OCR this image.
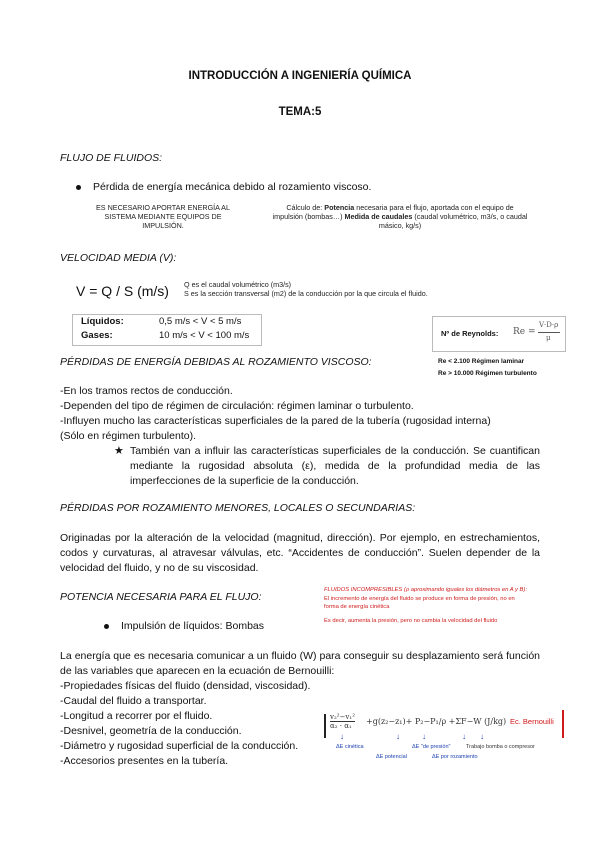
INTRODUCCIÓN A INGENIERÍA QUÍMICA
TEMA:5
FLUJO DE FLUIDOS:
Pérdida de energía mecánica debido al rozamiento viscoso.
ES NECESARIO APORTAR ENERGÍA AL
SISTEMA MEDIANTE EQUIPOS DE
IMPULSIÓN.
Cálculo de: Potencia necesaria para el flujo, aportada con el equipo de
impulsión (bombas…) Medida de caudales (caudal volumétrico, m3/s, o caudal
másico, kg/s)
VELOCIDAD MEDIA (V):
V = Q / S (m/s) Q es el caudal volumétrico (m3/s)
S es la sección transversal (m2) de la conducción por la que circula el fluido.
Líquidos:	0,5 m/s < V < 5 m/s
Gases:	10 m/s < V < 100 m/s	Nº de Reynolds: Re =
V·D·ρ
μ
Re < 2.100 Régimen laminar
Re > 10.000 Régimen turbulento
PÉRDIDAS DE ENERGÍA DEBIDAS AL ROZAMIENTO VISCOSO:
-En los tramos rectos de conducción.
-Dependen del tipo de régimen de circulación: régimen laminar o turbulento.
-Influyen mucho las características superficiales de la pared de la tubería (rugosidad interna)
(Sólo en régimen turbulento).
★ También van a influir las características superficiales de la conducción. Se cuantifican mediante la rugosidad absoluta (ε), medida de la profundidad media de las imperfecciones de la superficie de la conducción.
PÉRDIDAS POR ROZAMIENTO MENORES, LOCALES O SECUNDARIAS:
Originadas por la alteración de la velocidad (magnitud, dirección). Por ejemplo, en estrechamientos, codos y curvaturas, al atravesar válvulas, etc. “Accidentes de conducción”. Suelen depender de la velocidad del fluido, y no de su viscosidad.
POTENCIA NECESARIA PARA EL FLUJO:
FLUIDOS INCOMPRESIBLES (ρ aproximando iguales los diámetros en A y B):
El incremento de energía del fluido se produce en forma de presión, no en
forma de energía cinética
Es decir, aumenta la presión, pero no cambia la velocidad del fluido
Impulsión de líquidos: Bombas
La energía que es necesaria comunicar a un fluido (W) para conseguir su desplazamiento será función de las variables que aparecen en la ecuación de Bernouilli:
-Propiedades físicas del fluido (densidad, viscosidad).
-Caudal del fluido a transportar.
-Longitud a recorrer por el fluido.
-Desnivel, geometría de la conducción.
-Diámetro y rugosidad superficial de la conducción.
-Accesorios presentes en la tubería.
v₂²−v₁²
α₂ · α₁	+g(z₂−z₁)+ P₂−P₁/ρ +ΣF−W (J/kg) Ec. Bernouilli
↓	↓	↓	↓ ↓
ΔE cinética	ΔE "de presión"	Trabajo bomba o compresor
ΔE potencial	ΔE por rozamiento
